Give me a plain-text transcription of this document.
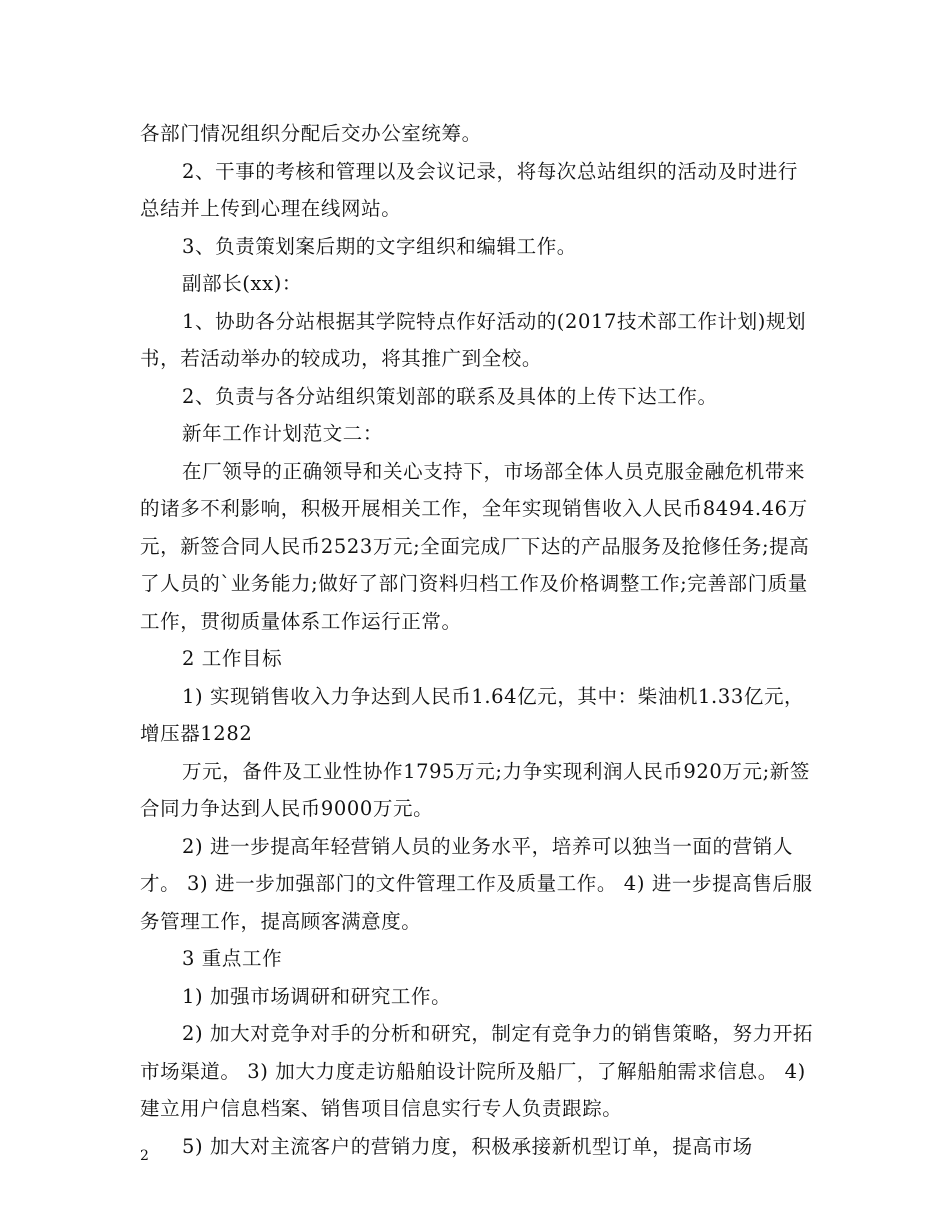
各部门情况组织分配后交办公室统筹。

2、干事的考核和管理以及会议记录，将每次总站组织的活动及时进行总结并上传到心理在线网站。

3、负责策划案后期的文字组织和编辑工作。

副部长(xx)：

1、协助各分站根据其学院特点作好活动的(2017技术部工作计划)规划书，若活动举办的较成功，将其推广到全校。

2、负责与各分站组织策划部的联系及具体的上传下达工作。

新年工作计划范文二：

在厂领导的正确领导和关心支持下，市场部全体人员克服金融危机带来的诸多不利影响，积极开展相关工作，全年实现销售收入人民币8494.46万元，新签合同人民币2523万元;全面完成厂下达的产品服务及抢修任务;提高了人员的`业务能力;做好了部门资料归档工作及价格调整工作;完善部门质量工作，贯彻质量体系工作运行正常。

2 工作目标

1) 实现销售收入力争达到人民币1.64亿元，其中：柴油机1.33亿元，增压器1282

万元，备件及工业性协作1795万元;力争实现利润人民币920万元;新签合同力争达到人民币9000万元。

2) 进一步提高年轻营销人员的业务水平，培养可以独当一面的营销人才。 3) 进一步加强部门的文件管理工作及质量工作。 4) 进一步提高售后服务管理工作，提高顾客满意度。

3 重点工作

1) 加强市场调研和研究工作。

2) 加大对竞争对手的分析和研究，制定有竞争力的销售策略，努力开拓市场渠道。 3) 加大力度走访船舶设计院所及船厂，了解船舶需求信息。 4) 建立用户信息档案、销售项目信息实行专人负责跟踪。

5) 加大对主流客户的营销力度，积极承接新机型订单，提高市场

2
